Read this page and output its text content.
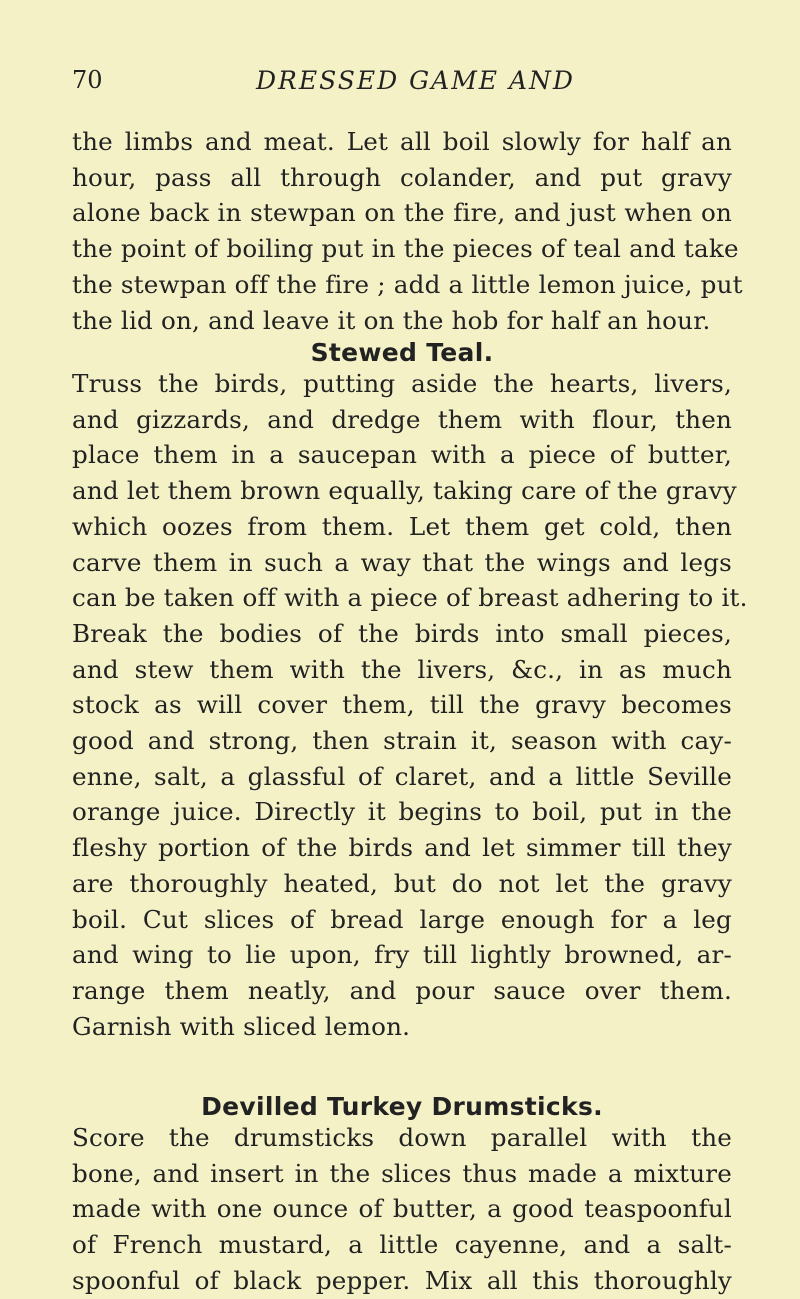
70	DRESSED GAME AND

the limbs and meat. Let all boil slowly for half an
hour, pass all through colander, and put gravy
alone back in stewpan on the fire, and just when on
the point of boiling put in the pieces of teal and take
the stewpan off the fire ; add a little lemon juice, put
the lid on, and leave it on the hob for half an hour.

Stewed Teal.

Truss the birds, putting aside the hearts, livers,
and gizzards, and dredge them with flour, then
place them in a saucepan with a piece of butter,
and let them brown equally, taking care of the gravy
which oozes from them. Let them get cold, then
carve them in such a way that the wings and legs
can be taken off with a piece of breast adhering to it.
Break the bodies of the birds into small pieces,
and stew them with the livers, &c., in as much
stock as will cover them, till the gravy becomes
good and strong, then strain it, season with cay-
enne, salt, a glassful of claret, and a little Seville
orange juice. Directly it begins to boil, put in the
fleshy portion of the birds and let simmer till they
are thoroughly heated, but do not let the gravy
boil. Cut slices of bread large enough for a leg
and wing to lie upon, fry till lightly browned, ar-
range them neatly, and pour sauce over them.
Garnish with sliced lemon.

Devilled Turkey Drumsticks.

Score the drumsticks down parallel with the
bone, and insert in the slices thus made a mixture
made with one ounce of butter, a good teaspoonful
of French mustard, a little cayenne, and a salt-
spoonful of black pepper. Mix all this thoroughly
